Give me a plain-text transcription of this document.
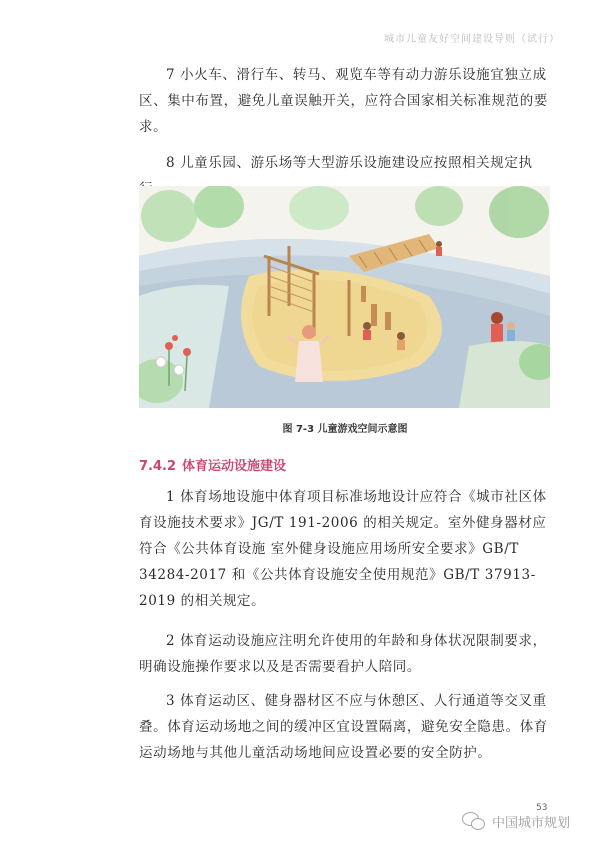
城市儿童友好空间建设导则（试行）

7 小火车、滑行车、转马、观览车等有动力游乐设施宜独立成区、集中布置，避免儿童误触开关，应符合国家相关标准规范的要求。

8 儿童乐园、游乐场等大型游乐设施建设应按照相关规定执

图 7-3 儿童游戏空间示意图
7.4.2 体育运动设施建设

1 体育场地设施中体育项目标准场地设计应符合《城市社区体育设施技术要求》JG/T 191-2006 的相关规定。室外健身器材应符合《公共体育设施 室外健身设施应用场所安全要求》GB/T 34284-2017 和《公共体育设施安全使用规范》GB/T 37913-2019 的相关规定。

2 体育运动设施应注明允许使用的年龄和身体状况限制要求，明确设施操作要求以及是否需要看护人陪同。

3 体育运动区、健身器材区不应与休憩区、人行通道等交叉重叠。体育运动场地之间的缓冲区宜设置隔离，避免安全隐患。体育运动场地与其他儿童活动场地间应设置必要的安全防护。

53
中国城市规划
